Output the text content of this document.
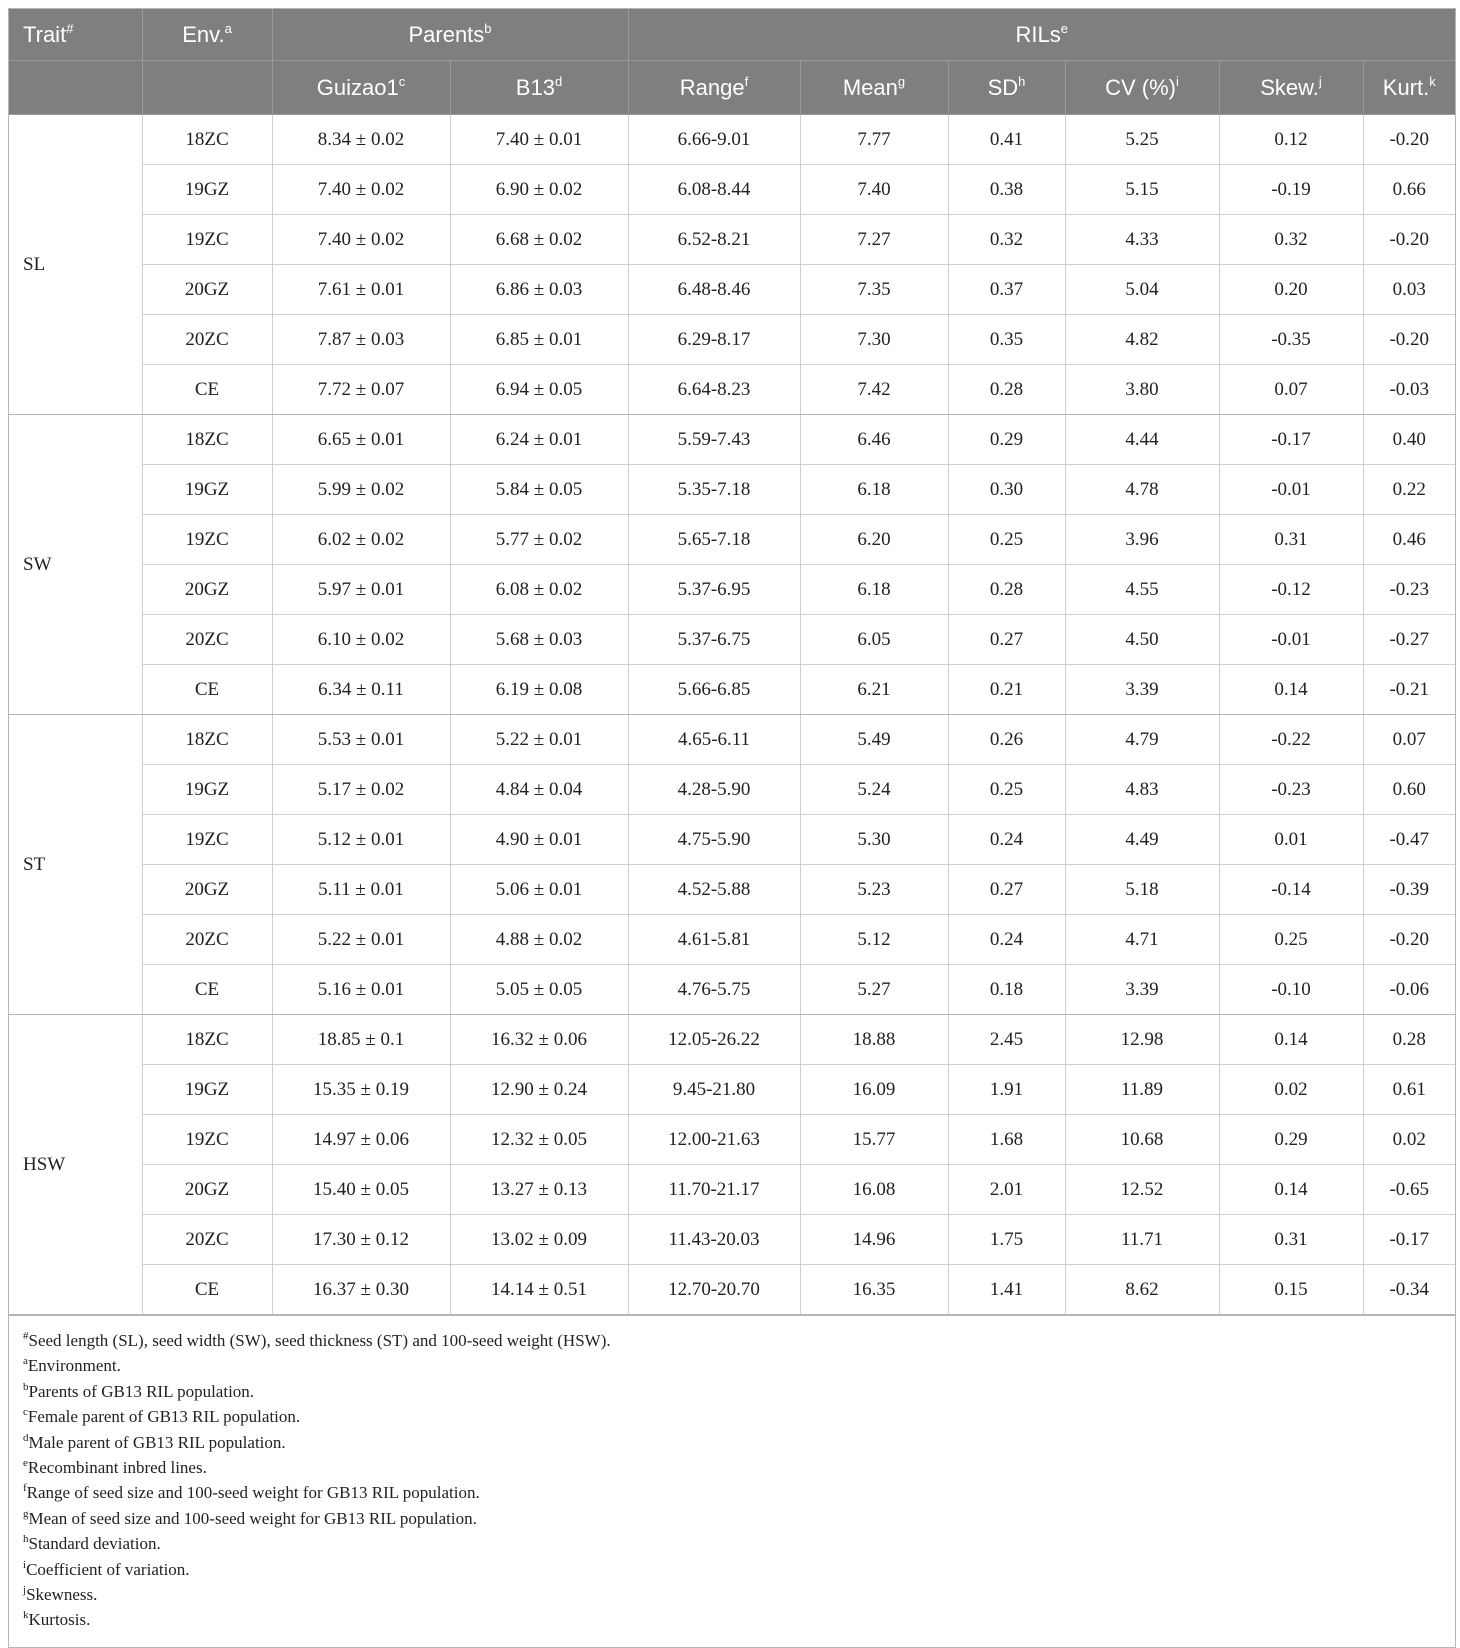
Trait#	Env.$^a$	Parents$^b$		RILs$^e$
		Guizao1$^c$	B13$^d$	Range$^f$	Mean$^g$	$SD^h$	CV (%)$^i$	Skew.$^j$	Kurt.$^k$
SL	18ZC	8.34 ± 0.02	7.40 ± 0.01	6.66-9.01	7.77	0.41	5.25	0.12	-0.20
	19GZ	7.40 ± 0.02	6.90 ± 0.02	6.08-8.44	7.40	0.38	5.15	-0.19	0.66
	19ZC	7.40 ± 0.02	6.68 ± 0.02	6.52-8.21	7.27	0.32	4.33	0.32	-0.20
	20GZ	7.61 ± 0.01	6.86 ± 0.03	6.48-8.46	7.35	0.37	5.04	0.20	0.03
	20ZC	7.87 ± 0.03	6.85 ± 0.01	6.29-8.17	7.30	0.35	4.82	-0.35	-0.20
	CE	7.72 ± 0.07	6.94 ± 0.05	6.64-8.23	7.42	0.28	3.80	0.07	-0.03
SW	18ZC	6.65 ± 0.01	6.24 ± 0.01	5.59-7.43	6.46	0.29	4.44	-0.17	0.40
	19GZ	5.99 ± 0.02	5.84 ± 0.05	5.35-7.18	6.18	0.30	4.78	-0.01	0.22
	19ZC	6.02 ± 0.02	5.77 ± 0.02	5.65-7.18	6.20	0.25	3.96	0.31	0.46
	20GZ	5.97 ± 0.01	6.08 ± 0.02	5.37-6.95	6.18	0.28	4.55	-0.12	-0.23
	20ZC	6.10 ± 0.02	5.68 ± 0.03	5.37-6.75	6.05	0.27	4.50	-0.01	-0.27
	CE	6.34 ± 0.11	6.19 ± 0.08	5.66-6.85	6.21	0.21	3.39	0.14	-0.21
ST	18ZC	5.53 ± 0.01	5.22 ± 0.01	4.65-6.11	5.49	0.26	4.79	-0.22	0.07
	19GZ	5.17 ± 0.02	4.84 ± 0.04	4.28-5.90	5.24	0.25	4.83	-0.23	0.60
	19ZC	5.12 ± 0.01	4.90 ± 0.01	4.75-5.90	5.30	0.24	4.49	0.01	-0.47
	20GZ	5.11 ± 0.01	5.06 ± 0.01	4.52-5.88	5.23	0.27	5.18	-0.14	-0.39
	20ZC	5.22 ± 0.01	4.88 ± 0.02	4.61-5.81	5.12	0.24	4.71	0.25	-0.20
	CE	5.16 ± 0.01	5.05 ± 0.05	4.76-5.75	5.27	0.18	3.39	-0.10	-0.06
HSW	18ZC	18.85 ± 0.1	16.32 ± 0.06	12.05-26.22	18.88	2.45	12.98	0.14	0.28
	19GZ	15.35 ± 0.19	12.90 ± 0.24	9.45-21.80	16.09	1.91	11.89	0.02	0.61
	19ZC	14.97 ± 0.06	12.32 ± 0.05	12.00-21.63	15.77	1.68	10.68	0.29	0.02
	20GZ	15.40 ± 0.05	13.27 ± 0.13	11.70-21.17	16.08	2.01	12.52	0.14	-0.65
	20ZC	17.30 ± 0.12	13.02 ± 0.09	11.43-20.03	14.96	1.75	11.71	0.31	-0.17
	CE	16.37 ± 0.30	14.14 ± 0.51	12.70-20.70	16.35	1.41	8.62	0.15	-0.34
#Seed length (SL), seed width (SW), seed thickness (ST) and 100-seed weight (HSW).
$^a$Environment.
$^b$Parents of GB13 RIL population.
$^c$Female parent of GB13 RIL population.
$^d$Male parent of GB13 RIL population.
$^e$Recombinant inbred lines.
$^f$Range of seed size and 100-seed weight for GB13 RIL population.
$^g$Mean of seed size and 100-seed weight for GB13 RIL population.
$^h$Standard deviation.
$^i$Coefficient of variation.
$^j$Skewness.
$^k$Kurtosis.
